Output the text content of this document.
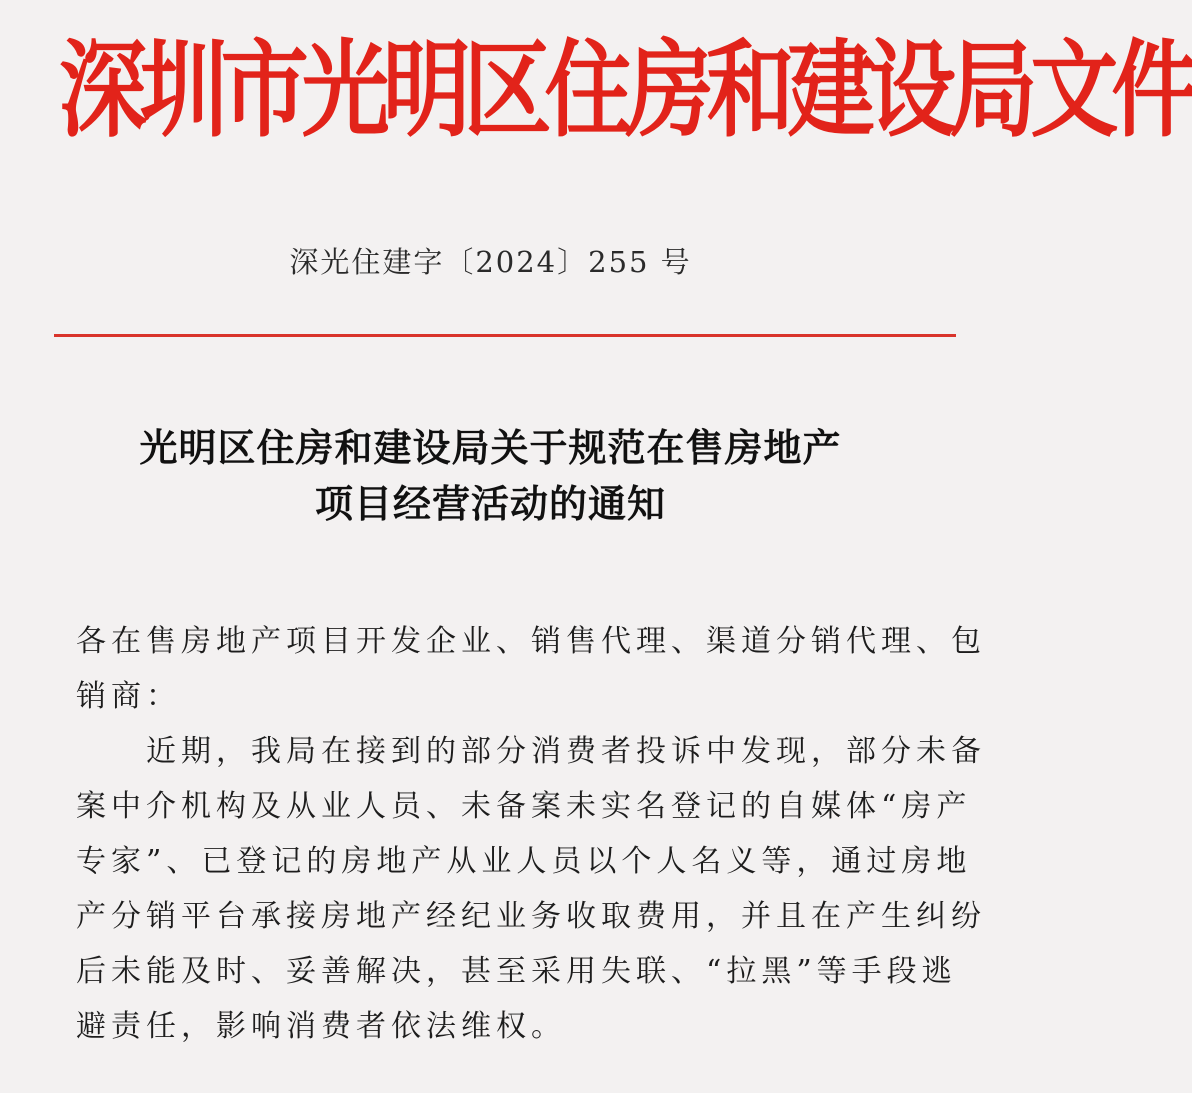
深圳市光明区住房和建设局文件
深光住建字〔2024〕255 号
光明区住房和建设局关于规范在售房地产
项目经营活动的通知
各在售房地产项目开发企业、销售代理、渠道分销代理、包
销商：
　　近期，我局在接到的部分消费者投诉中发现，部分未备
案中介机构及从业人员、未备案未实名登记的自媒体“房产
专家”、已登记的房地产从业人员以个人名义等，通过房地
产分销平台承接房地产经纪业务收取费用，并且在产生纠纷
后未能及时、妥善解决，甚至采用失联、“拉黑”等手段逃
避责任，影响消费者依法维权。
